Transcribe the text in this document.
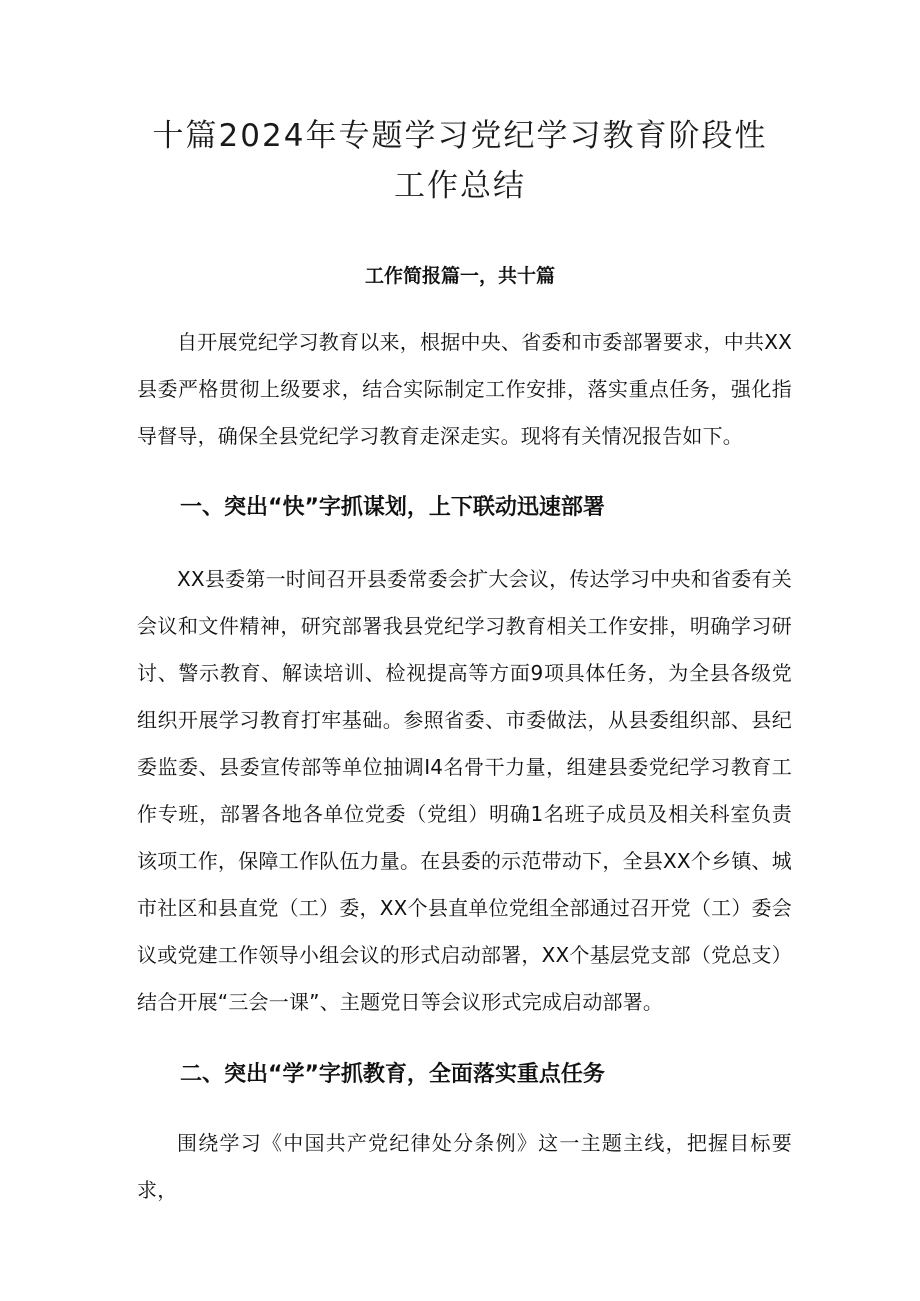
十篇2024年专题学习党纪学习教育阶段性
工作总结
工作简报篇一，共十篇

自开展党纪学习教育以来，根据中央、省委和市委部署要求，中共XX县委严格贯彻上级要求，结合实际制定工作安排，落实重点任务，强化指导督导，确保全县党纪学习教育走深走实。现将有关情况报告如下。

一、突出“快”字抓谋划，上下联动迅速部署

XX县委第一时间召开县委常委会扩大会议，传达学习中央和省委有关会议和文件精神，研究部署我县党纪学习教育相关工作安排，明确学习研讨、警示教育、解读培训、检视提高等方面9项具体任务，为全县各级党组织开展学习教育打牢基础。参照省委、市委做法，从县委组织部、县纪委监委、县委宣传部等单位抽调I4名骨干力量，组建县委党纪学习教育工作专班，部署各地各单位党委（党组）明确1名班子成员及相关科室负责该项工作，保障工作队伍力量。在县委的示范带动下，全县XX个乡镇、城市社区和县直党（工）委，XX个县直单位党组全部通过召开党（工）委会议或党建工作领导小组会议的形式启动部署，XX个基层党支部（党总支）结合开展“三会一课”、主题党日等会议形式完成启动部署。

二、突出“学”字抓教育，全面落实重点任务

围绕学习《中国共产党纪律处分条例》这一主题主线，把握目标要求，
